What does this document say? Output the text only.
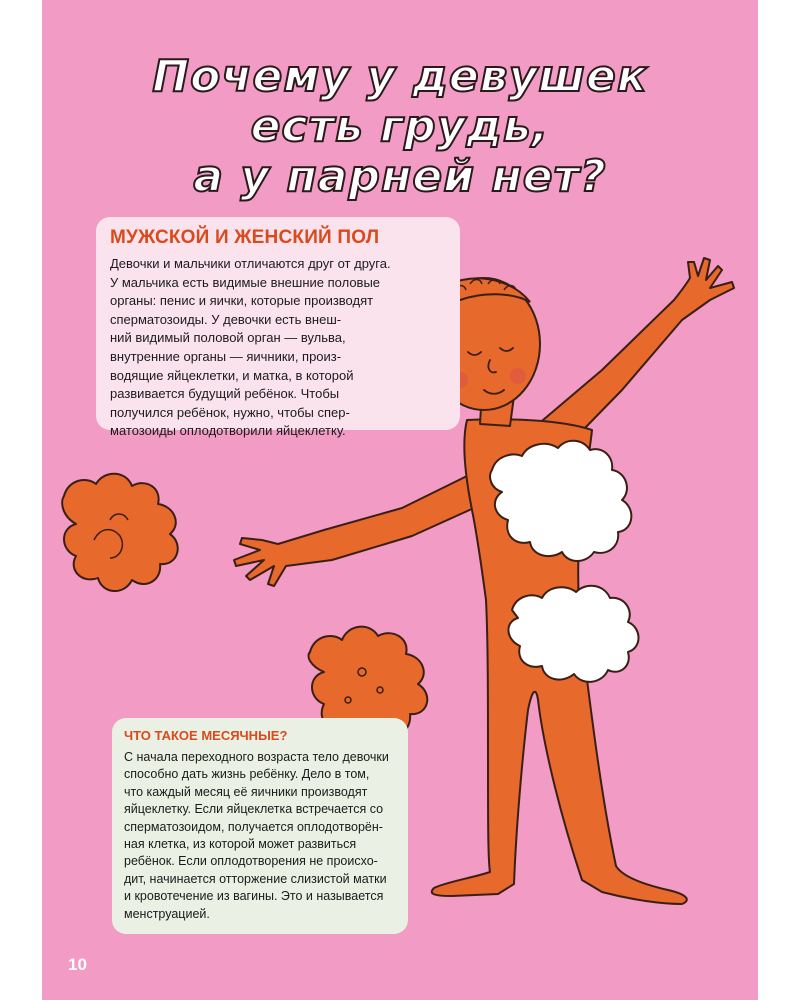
Почему у девушек
есть грудь,
а у парней нет?
МУЖСКОЙ И ЖЕНСКИЙ ПОЛ

Девочки и мальчики отличаются друг от друга.
У мальчика есть видимые внешние половые
органы: пенис и яички, которые производят
сперматозоиды. У девочки есть внеш-
ний видимый половой орган — вульва,
внутренние органы — яичники, произ-
водящие яйцеклетки, и матка, в которой
развивается будущий ребёнок. Чтобы
получился ребёнок, нужно, чтобы спер-
матозоиды оплодотворили яйцеклетку.

ЧТО ТАКОЕ МЕСЯЧНЫЕ?

С начала переходного возраста тело девочки
способно дать жизнь ребёнку. Дело в том,
что каждый месяц её яичники производят
яйцеклетку. Если яйцеклетка встречается со
сперматозоидом, получается оплодотворён-
ная клетка, из которой может развиться
ребёнок. Если оплодотворения не происхо-
дит, начинается отторжение слизистой матки
и кровотечение из вагины. Это и называется
менструацией.

10
